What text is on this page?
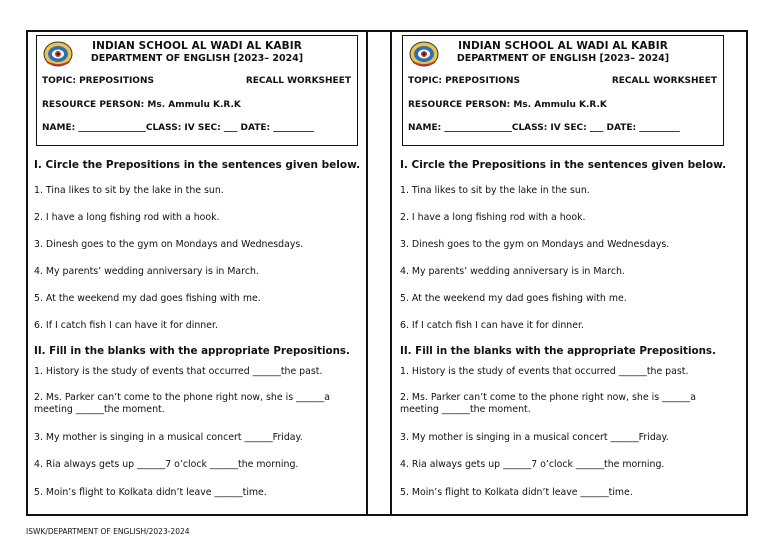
INDIAN SCHOOL AL WADI AL KABIR
DEPARTMENT OF ENGLISH [2023– 2024]
TOPIC: PREPOSITIONS	RECALL WORKSHEET
RESOURCE PERSON: Ms. Ammulu K.R.K
NAME: _______________CLASS: IV SEC: ___ DATE: _________
I. Circle the Prepositions in the sentences given below.
1. Tina likes to sit by the lake in the sun.
2. I have a long fishing rod with a hook.
3. Dinesh goes to the gym on Mondays and Wednesdays.
4. My parents’ wedding anniversary is in March.
5. At the weekend my dad goes fishing with me.
6. If I catch fish I can have it for dinner.
II. Fill in the blanks with the appropriate Prepositions.
1. History is the study of events that occurred ______the past.
2. Ms. Parker can’t come to the phone right now, she is ______a meeting ______the moment.
3. My mother is singing in a musical concert ______Friday.
4. Ria always gets up ______7 o’clock ______the morning.
5. Moin’s flight to Kolkata didn’t leave ______time.
INDIAN SCHOOL AL WADI AL KABIR
DEPARTMENT OF ENGLISH [2023– 2024]
TOPIC: PREPOSITIONS	RECALL WORKSHEET
RESOURCE PERSON: Ms. Ammulu K.R.K
NAME: _______________CLASS: IV SEC: ___ DATE: _________
I. Circle the Prepositions in the sentences given below.
1. Tina likes to sit by the lake in the sun.
2. I have a long fishing rod with a hook.
3. Dinesh goes to the gym on Mondays and Wednesdays.
4. My parents’ wedding anniversary is in March.
5. At the weekend my dad goes fishing with me.
6. If I catch fish I can have it for dinner.
II. Fill in the blanks with the appropriate Prepositions.
1. History is the study of events that occurred ______the past.
2. Ms. Parker can’t come to the phone right now, she is ______a meeting ______the moment.
3. My mother is singing in a musical concert ______Friday.
4. Ria always gets up ______7 o’clock ______the morning.
5. Moin’s flight to Kolkata didn’t leave ______time.
ISWK/DEPARTMENT OF ENGLISH/2023-2024
